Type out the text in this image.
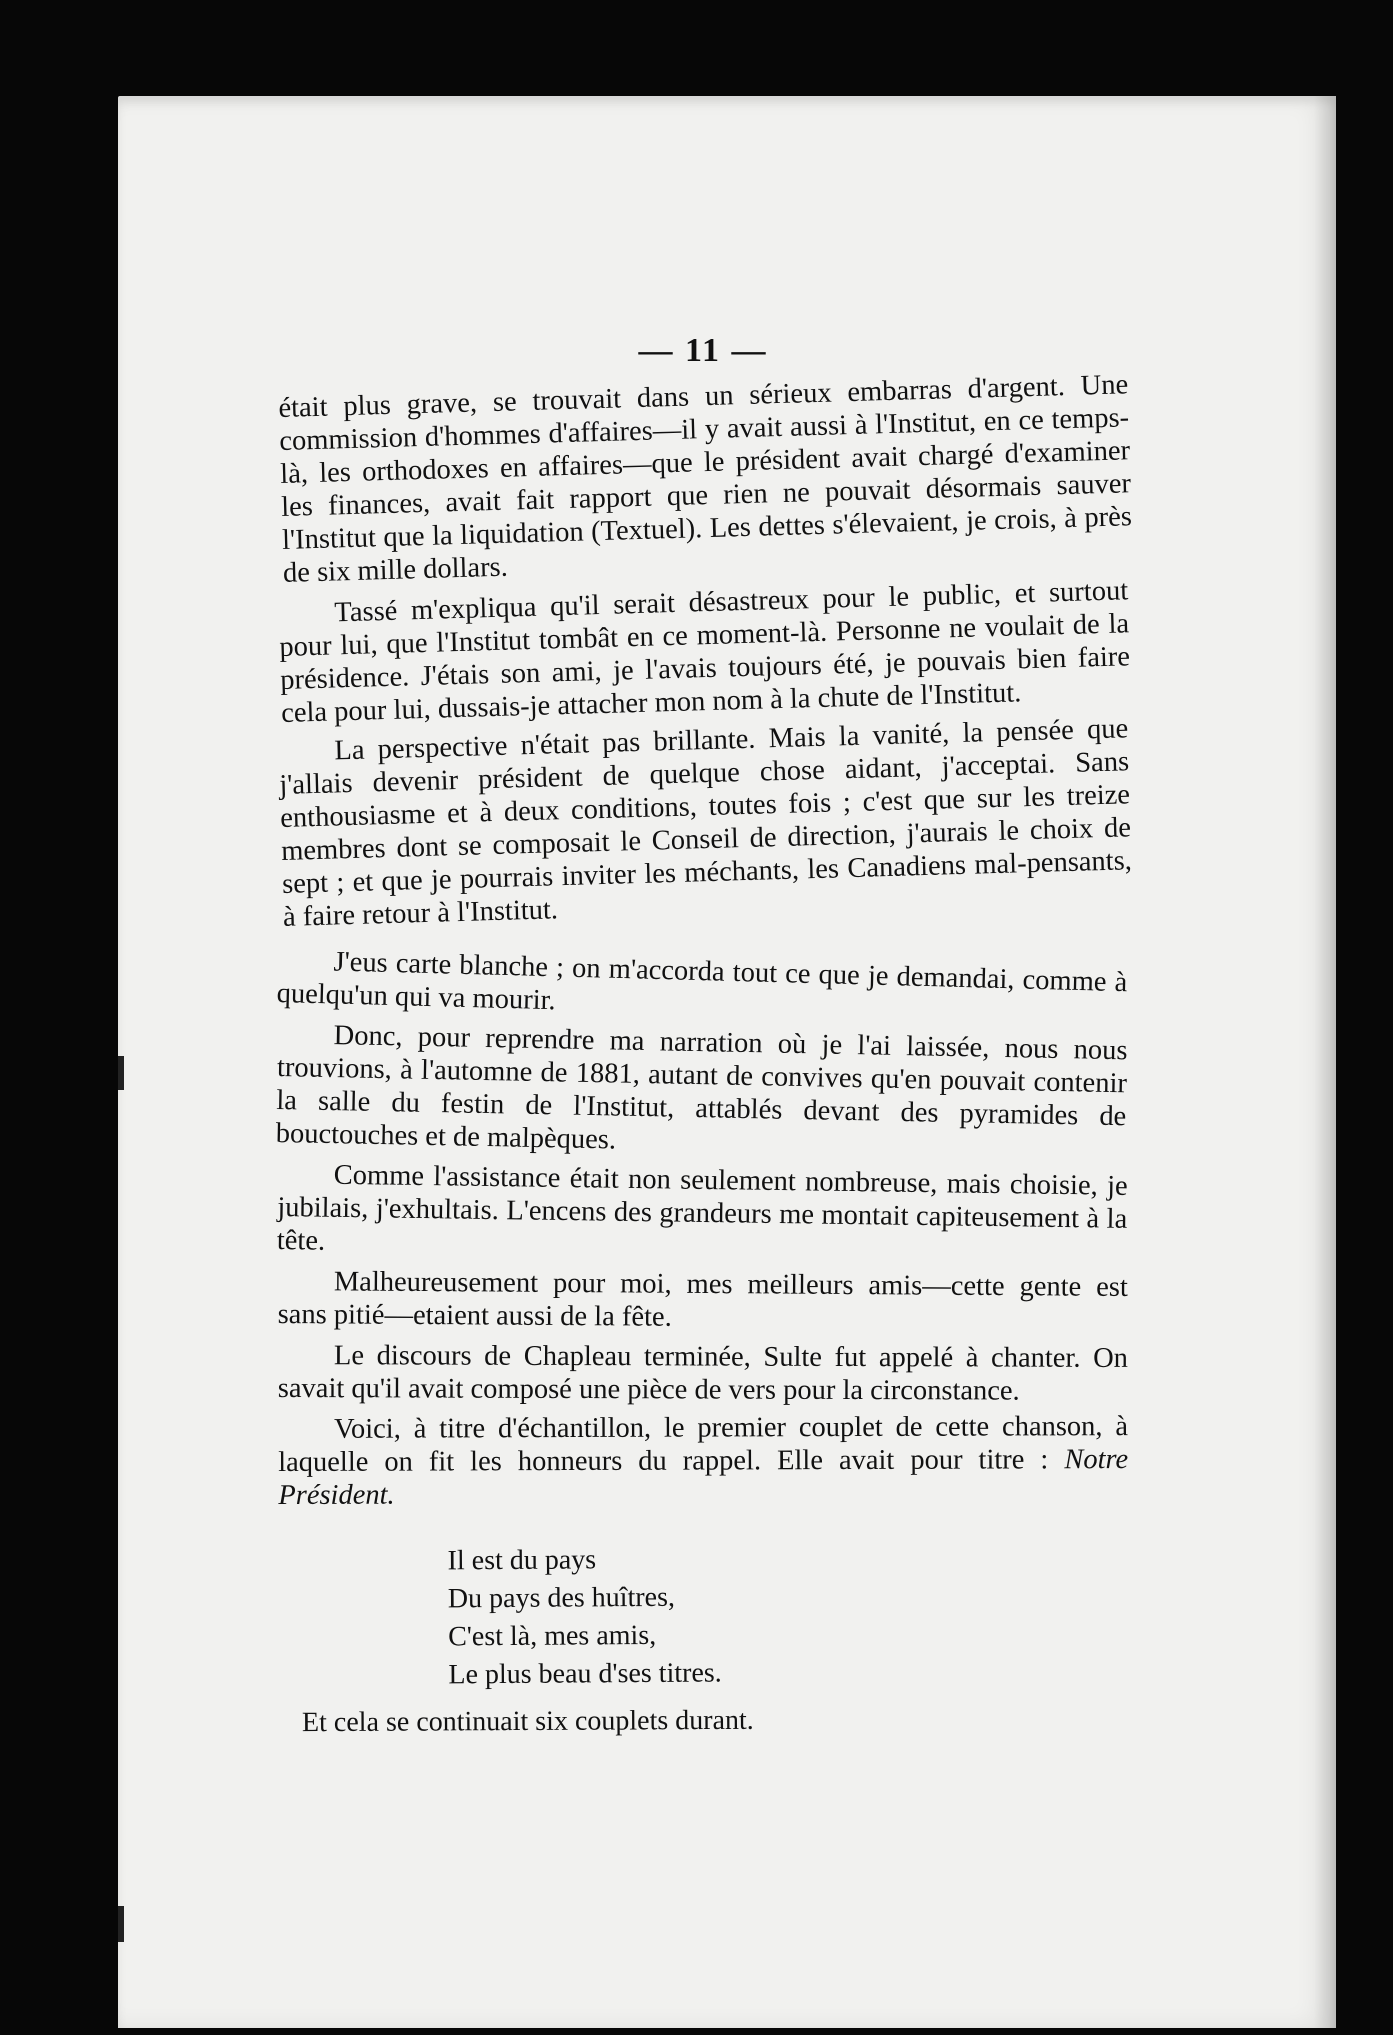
— 11 —

était plus grave, se trouvait dans un sérieux embarras d'argent. Une commission d'hommes d'affaires—il y avait aussi à l'Institut, en ce temps-là, les orthodoxes en affaires—que le président avait chargé d'examiner les finances, avait fait rapport que rien ne pouvait désormais sauver l'Institut que la liquidation (Textuel). Les dettes s'élevaient, je crois, à près de six mille dollars.

Tassé m'expliqua qu'il serait désastreux pour le public, et surtout pour lui, que l'Institut tombât en ce moment-là. Personne ne voulait de la présidence. J'étais son ami, je l'avais toujours été, je pouvais bien faire cela pour lui, dussais-je attacher mon nom à la chute de l'Institut.

La perspective n'était pas brillante. Mais la vanité, la pensée que j'allais devenir président de quelque chose aidant, j'acceptai. Sans enthousiasme et à deux conditions, toutes fois ; c'est que sur les treize membres dont se composait le Conseil de direction, j'aurais le choix de sept ; et que je pourrais inviter les méchants, les Canadiens mal-pensants, à faire retour à l'Institut.

J'eus carte blanche ; on m'accorda tout ce que je demandai, comme à quelqu'un qui va mourir.

Donc, pour reprendre ma narration où je l'ai laissée, nous nous trouvions, à l'automne de 1881, autant de convives qu'en pouvait contenir la salle du festin de l'Institut, attablés devant des pyramides de bouctouches et de malpèques.

Comme l'assistance était non seulement nombreuse, mais choisie, je jubilais, j'exhultais. L'encens des grandeurs me montait capiteusement à la tête.

Malheureusement pour moi, mes meilleurs amis—cette gente est sans pitié—etaient aussi de la fête.

Le discours de Chapleau terminée, Sulte fut appelé à chanter. On savait qu'il avait composé une pièce de vers pour la circonstance.

Voici, à titre d'échantillon, le premier couplet de cette chanson, à laquelle on fit les honneurs du rappel. Elle avait pour titre : Notre Président.

Il est du pays
Du pays des huîtres,
C'est là, mes amis,
Le plus beau d'ses titres.

Et cela se continuait six couplets durant.
